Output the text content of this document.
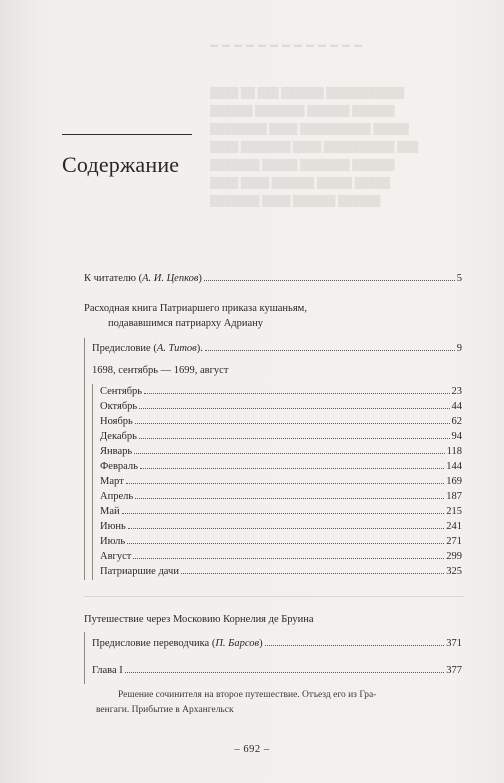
▬ ▬ ▬ ▬ ▬ ▬ ▬ ▬ ▬ ▬ ▬ ▬ ▬
████ ██ ███ ██████ ███████████
██████ ███████ ██████ ██████
████████ ████ ██████████ █████
████ ███████ ████ ██████████ ███
███████ █████ ███████ ██████
████ ████ ██████ █████ █████
███████ ████ ██████ ██████
Содержание
К читателю ( А. И. Цепков )	5
Расходная книга Патриаршего приказа кушаньям,
подававшимся патриарху Адриану
Предисловие ( А. Титов ).	9
1698, сентябрь — 1699, август
Сентябрь	23
Октябрь	44
Ноябрь	62
Декабрь	94
Январь	118
Февраль	144
Март	169
Апрель	187
Май	215
Июнь	241
Июль	271
Август	299
Патриаршие дачи	325
Путешествие через Московию Корнелия де Бруина
Предисловие переводчика ( П. Барсов )	371
Глава I	377
Решение сочинителя на второе путешествие. Отъезд его из Гра-
венгаги. Прибытие в Архангельск
– 692 –
